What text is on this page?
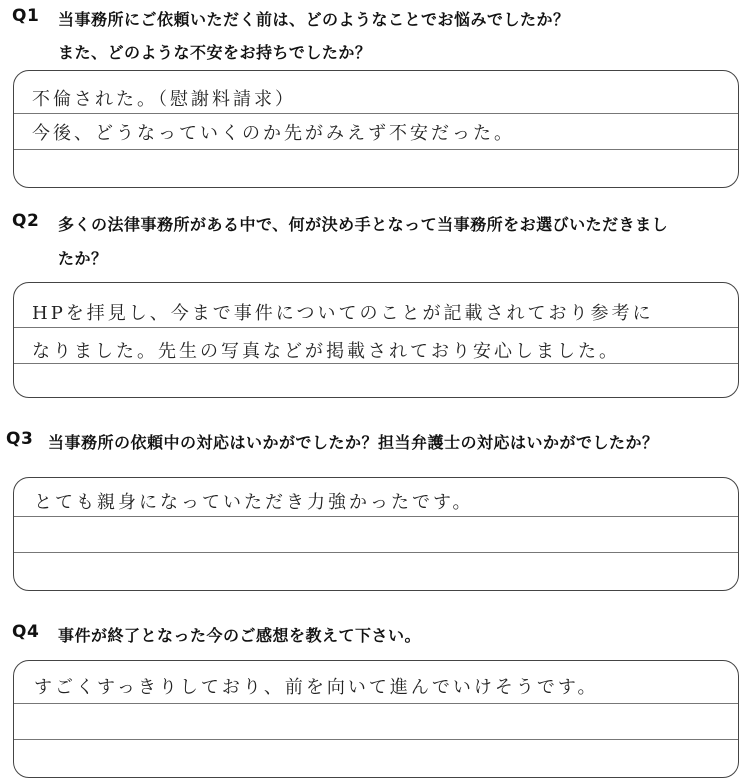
Q1 当事務所にご依頼いただく前は、どのようなことでお悩みでしたか？
また、どのような不安をお持ちでしたか？
不倫された。（慰謝料請求）
今後、どうなっていくのか先がみえず不安だった。
Q2 多くの法律事務所がある中で、何が決め手となって当事務所をお選びいただきまし
たか？
HPを拝見し、今まで事件についてのことが記載されており参考に
なりました。先生の写真などが掲載されており安心しました。
Q3 当事務所の依頼中の対応はいかがでしたか？担当弁護士の対応はいかがでしたか？
とても親身になっていただき力強かったです。
Q4 事件が終了となった今のご感想を教えて下さい。
すごくすっきりしており、前を向いて進んでいけそうです。
